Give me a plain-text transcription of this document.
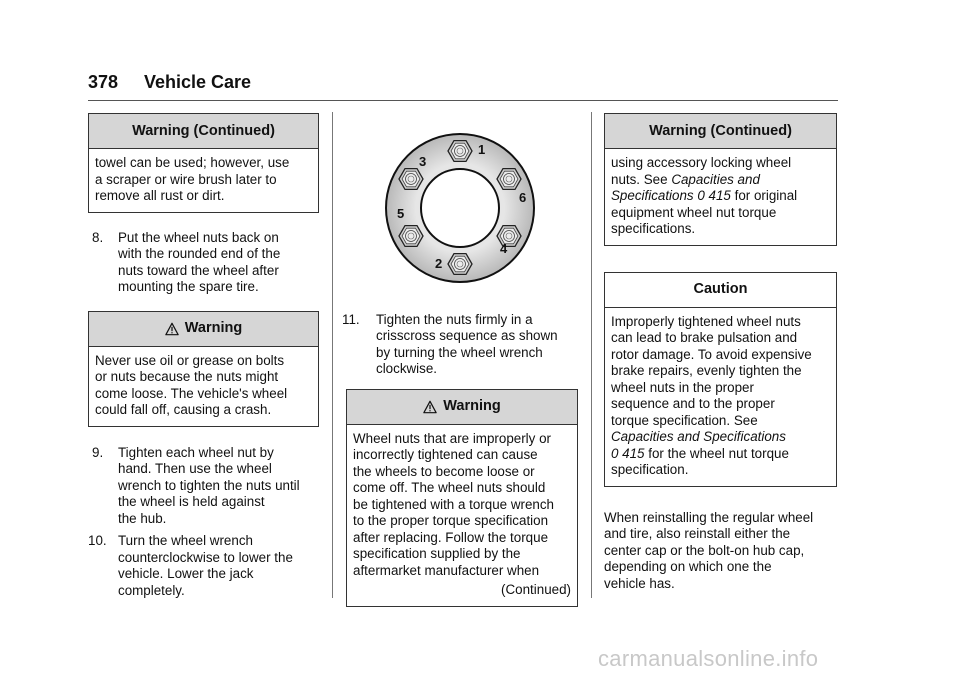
378 Vehicle Care
Warning (Continued)

towel can be used; however, use

a scraper or wire brush later to

remove all rust or dirt.

8. Put the wheel nuts back on
with the rounded end of the
nuts toward the wheel after
mounting the spare tire.
Warning

Never use oil or grease on bolts

or nuts because the nuts might

come loose. The vehicle's wheel

could fall off, causing a crash.

9. Tighten each wheel nut by
hand. Then use the wheel
wrench to tighten the nuts until
the wheel is held against
the hub.
10. Turn the wheel wrench
counterclockwise to lower the
vehicle. Lower the jack
completely.
1
2
3
4
5
6
11. Tighten the nuts firmly in a
crisscross sequence as shown
by turning the wheel wrench
clockwise.
Warning

Wheel nuts that are improperly or

incorrectly tightened can cause

the wheels to become loose or

come off. The wheel nuts should

be tightened with a torque wrench

to the proper torque specification

after replacing. Follow the torque

specification supplied by the

aftermarket manufacturer when

(Continued)

Warning (Continued)

using accessory locking wheel

nuts. See Capacities and

Specifications 0 415 for original

equipment wheel nut torque

specifications.

Caution

Improperly tightened wheel nuts

can lead to brake pulsation and

rotor damage. To avoid expensive

brake repairs, evenly tighten the

wheel nuts in the proper

sequence and to the proper

torque specification. See

Capacities and Specifications

0 415 for the wheel nut torque

specification.

When reinstalling the regular wheel
and tire, also reinstall either the
center cap or the bolt-on hub cap,
depending on which one the
vehicle has.
carmanualsonline.info
